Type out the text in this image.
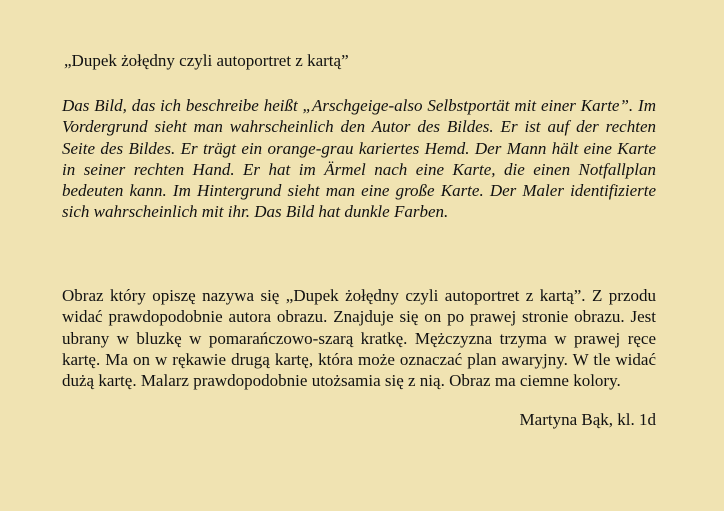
„Dupek żołędny czyli autoportret z kartą”

Das Bild, das ich beschreibe heißt „Arschgeige-also Selbstportät mit einer Karte”. Im Vordergrund sieht man wahrscheinlich den Autor des Bildes. Er ist auf der rechten Seite des Bildes. Er trägt ein orange-grau kariertes Hemd. Der Mann hält eine Karte in seiner rechten Hand. Er hat im Ärmel nach eine Karte, die einen Notfallplan bedeuten kann. Im Hintergrund sieht man eine große Karte. Der Maler identifizierte sich wahrscheinlich mit ihr. Das Bild hat dunkle Farben.

Obraz który opiszę nazywa się „Dupek żołędny czyli autoportret z kartą”. Z przodu widać prawdopodobnie autora obrazu. Znajduje się on po prawej stronie obrazu. Jest ubrany w bluzkę w pomarańczowo-szarą kratkę. Mężczyzna trzyma w prawej ręce kartę. Ma on w rękawie drugą kartę, która może oznaczać plan awaryjny. W tle widać dużą kartę. Malarz prawdopodobnie utożsamia się z nią. Obraz ma ciemne kolory.

Martyna Bąk, kl. 1d
